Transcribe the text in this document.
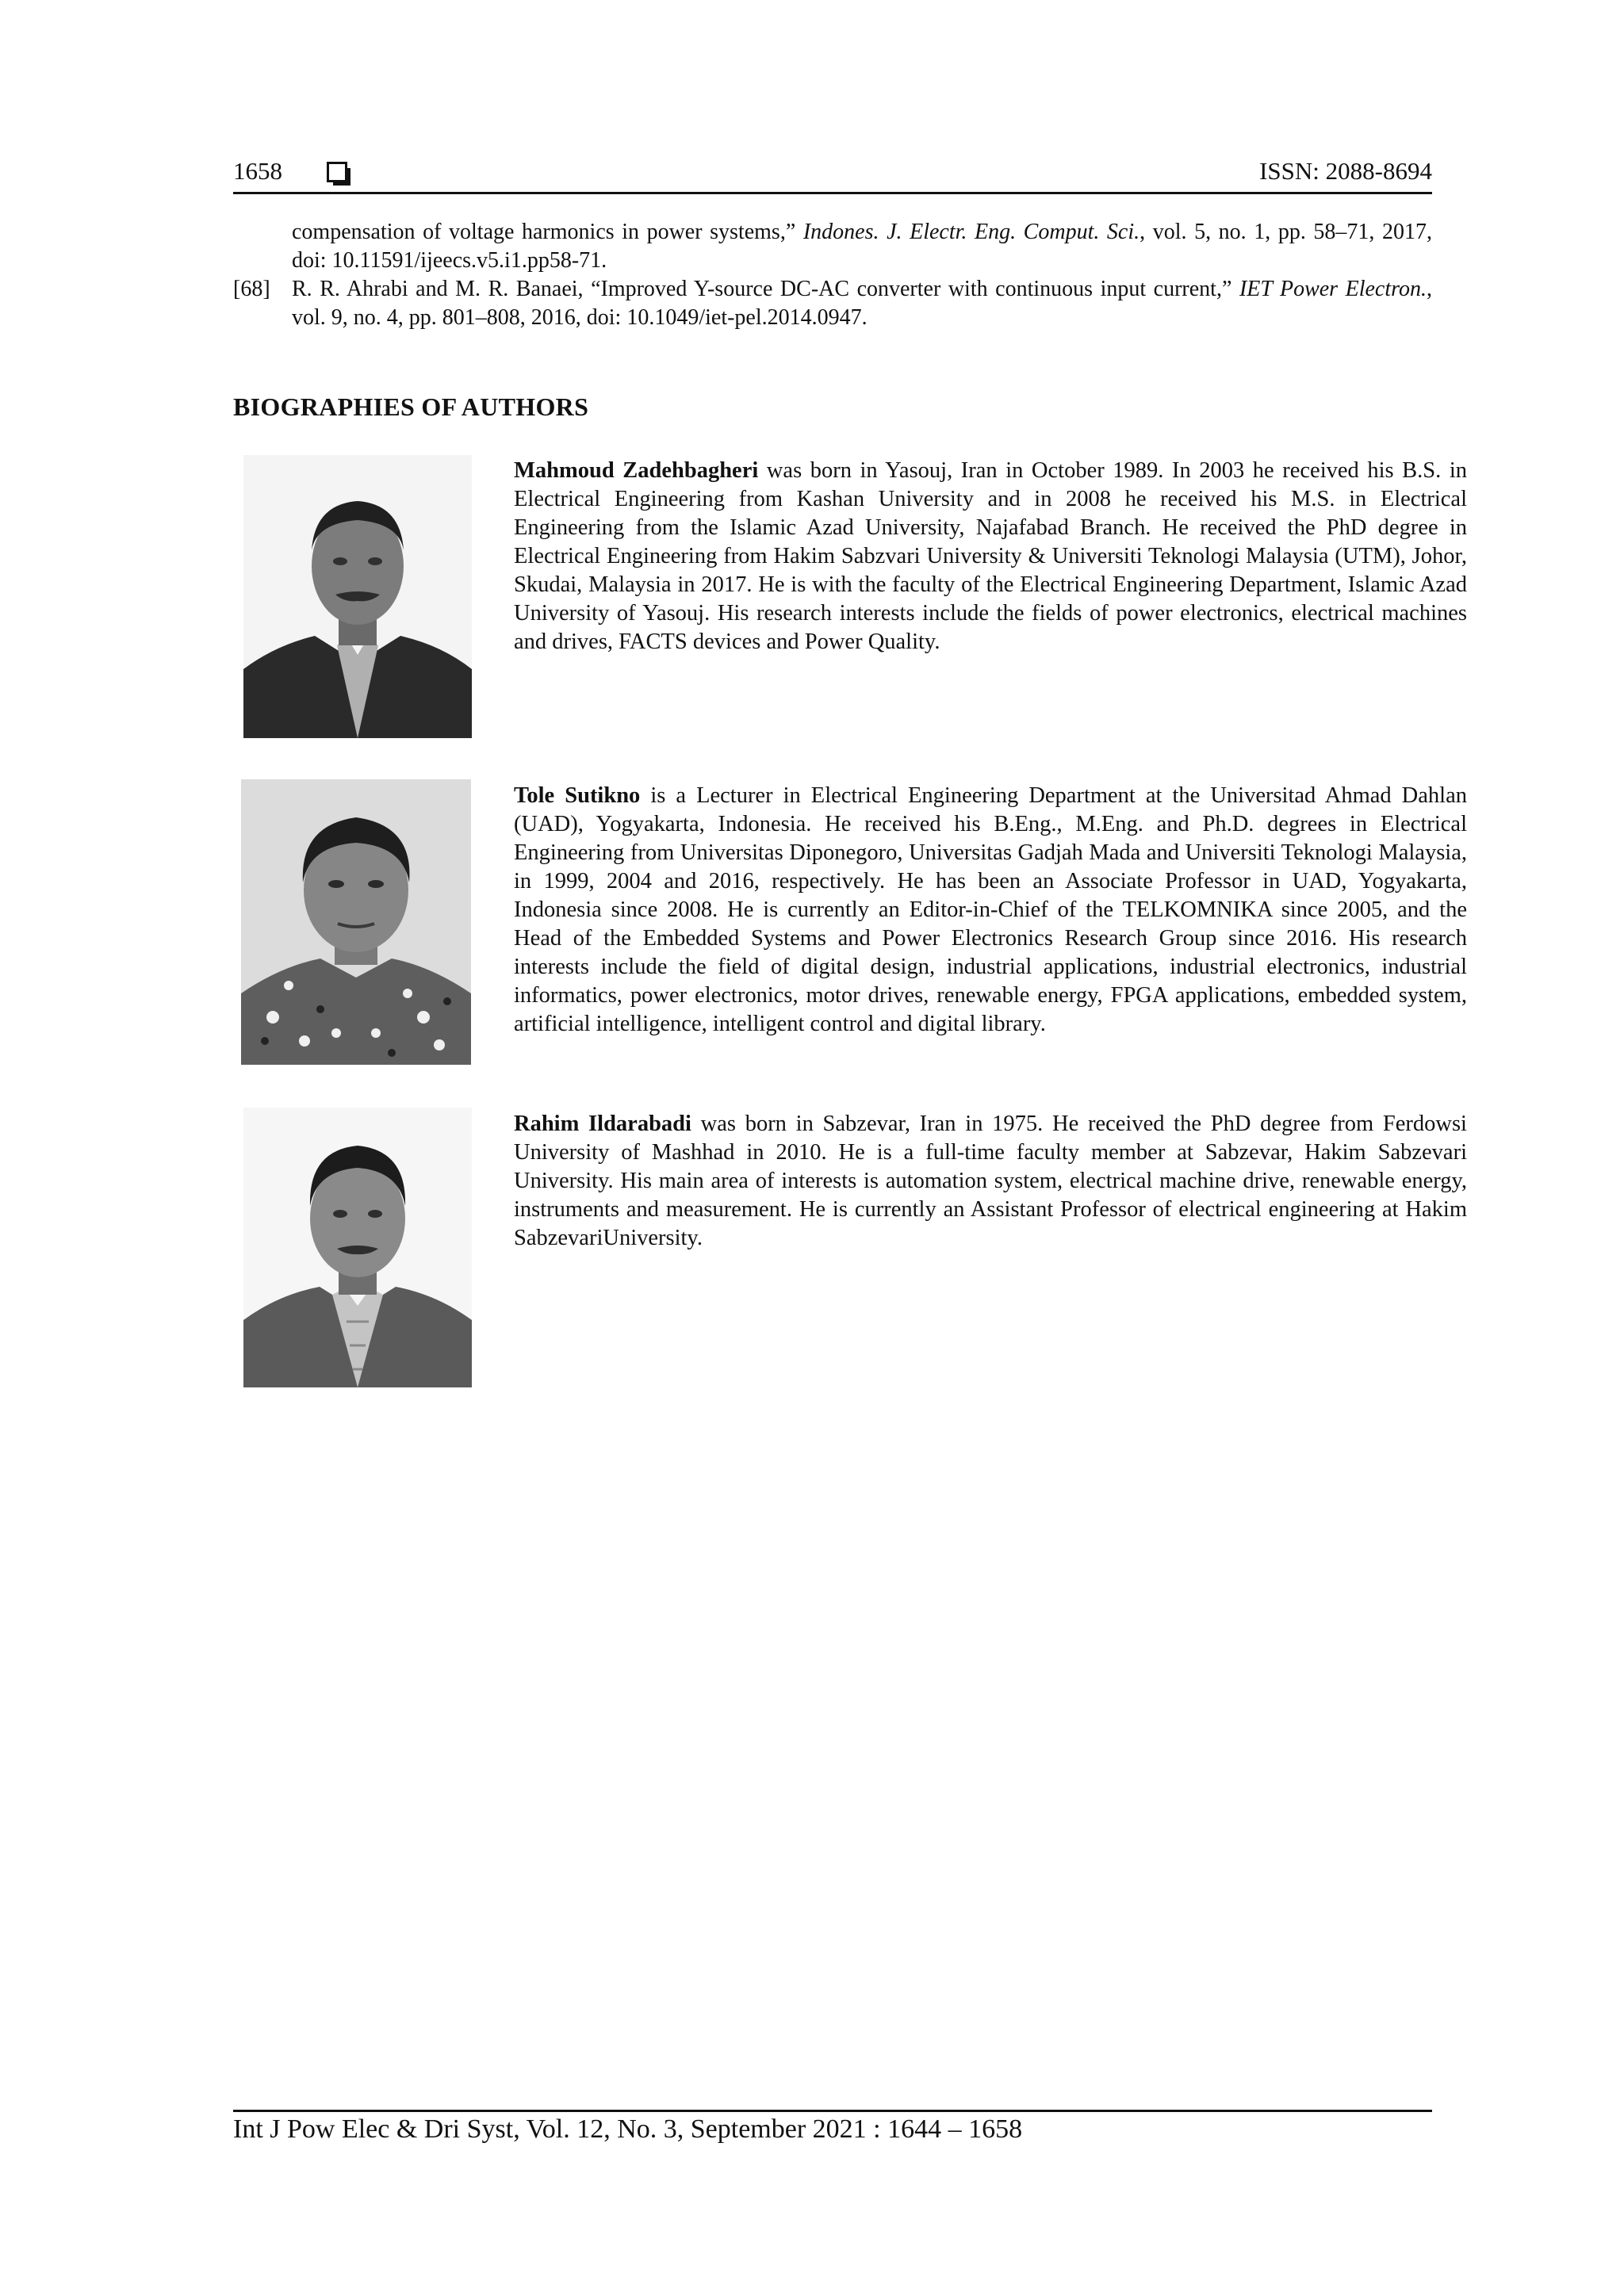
1658	ISSN: 2088-8694

compensation of voltage harmonics in power systems,” Indones. J. Electr. Eng. Comput. Sci., vol. 5, no. 1, pp. 58–71, 2017, doi: 10.11591/ijeecs.v5.i1.pp58-71.

[68] R. R. Ahrabi and M. R. Banaei, “Improved Y-source DC-AC converter with continuous input current,” IET Power Electron., vol. 9, no. 4, pp. 801–808, 2016, doi: 10.1049/iet-pel.2014.0947.

BIOGRAPHIES OF AUTHORS

Mahmoud Zadehbagheri was born in Yasouj, Iran in October 1989. In 2003 he received his B.S. in Electrical Engineering from Kashan University and in 2008 he received his M.S. in Electrical Engineering from the Islamic Azad University, Najafabad Branch. He received the PhD degree in Electrical Engineering from Hakim Sabzvari University & Universiti Teknologi Malaysia (UTM), Johor, Skudai, Malaysia in 2017. He is with the faculty of the Electrical Engineering Department, Islamic Azad University of Yasouj. His research interests include the fields of power electronics, electrical machines and drives, FACTS devices and Power Quality.

Tole Sutikno is a Lecturer in Electrical Engineering Department at the Universitad Ahmad Dahlan (UAD), Yogyakarta, Indonesia. He received his B.Eng., M.Eng. and Ph.D. degrees in Electrical Engineering from Universitas Diponegoro, Universitas Gadjah Mada and Universiti Teknologi Malaysia, in 1999, 2004 and 2016, respectively. He has been an Associate Professor in UAD, Yogyakarta, Indonesia since 2008. He is currently an Editor-in-Chief of the TELKOMNIKA since 2005, and the Head of the Embedded Systems and Power Electronics Research Group since 2016. His research interests include the field of digital design, industrial applications, industrial electronics, industrial informatics, power electronics, motor drives, renewable energy, FPGA applications, embedded system, artificial intelligence, intelligent control and digital library.

Rahim Ildarabadi was born in Sabzevar, Iran in 1975. He received the PhD degree from Ferdowsi University of Mashhad in 2010. He is a full-time faculty member at Sabzevar, Hakim Sabzevari University. His main area of interests is automation system, electrical machine drive, renewable energy, instruments and measurement. He is currently an Assistant Professor of electrical engineering at Hakim SabzevariUniversity.

Int J Pow Elec & Dri Syst, Vol. 12, No. 3, September 2021 : 1644 – 1658
